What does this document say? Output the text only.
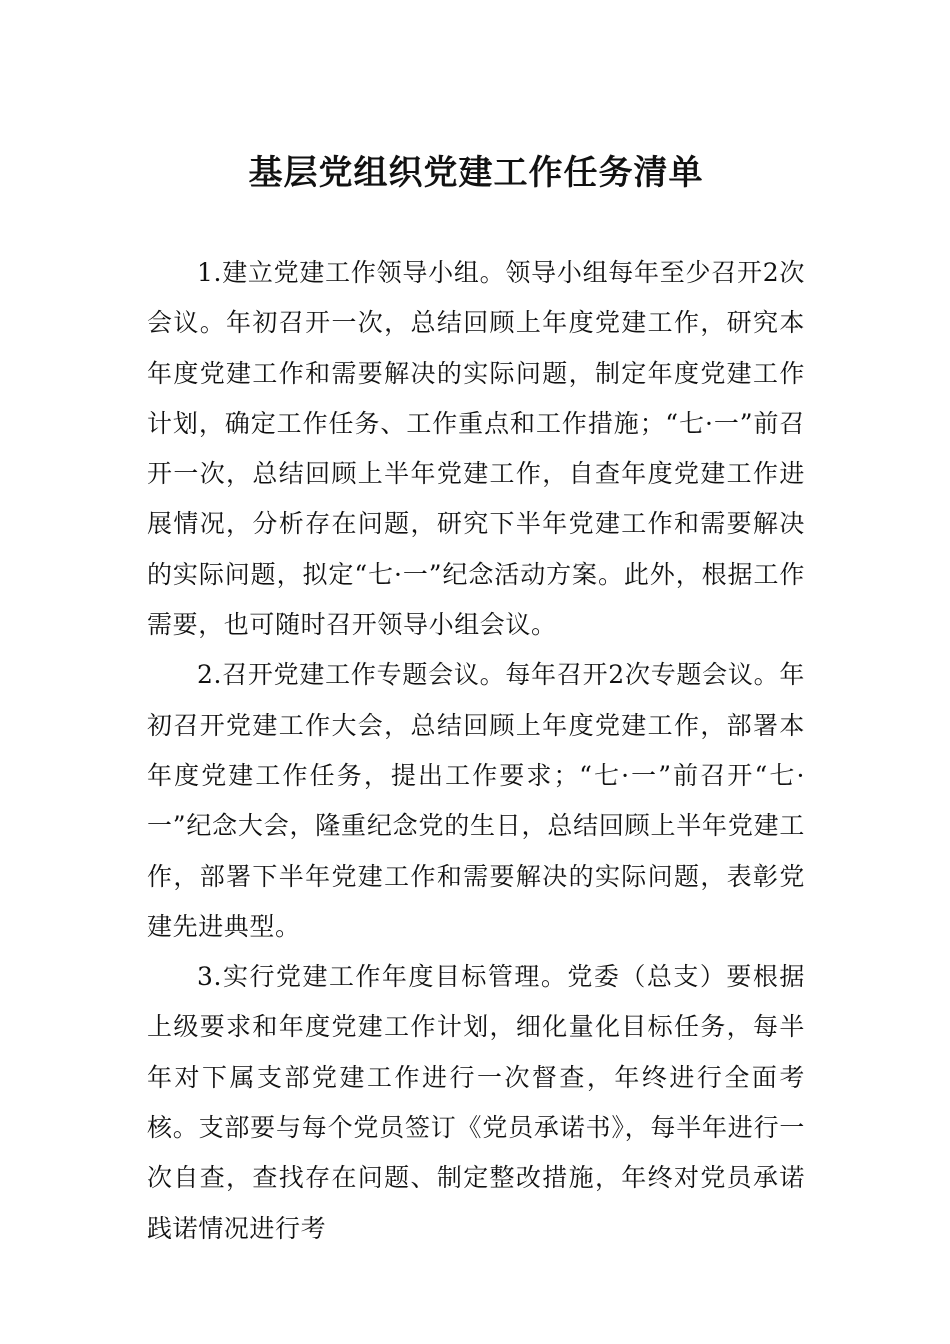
基层党组织党建工作任务清单

1.建立党建工作领导小组。领导小组每年至少召开2次会议。年初召开一次，总结回顾上年度党建工作，研究本年度党建工作和需要解决的实际问题，制定年度党建工作计划，确定工作任务、工作重点和工作措施；“七·一”前召开一次，总结回顾上半年党建工作，自查年度党建工作进展情况，分析存在问题，研究下半年党建工作和需要解决的实际问题，拟定“七·一”纪念活动方案。此外，根据工作需要，也可随时召开领导小组会议。

2.召开党建工作专题会议。每年召开2次专题会议。年初召开党建工作大会，总结回顾上年度党建工作，部署本年度党建工作任务，提出工作要求；“七·一”前召开“七·一”纪念大会，隆重纪念党的生日，总结回顾上半年党建工作，部署下半年党建工作和需要解决的实际问题，表彰党建先进典型。

3.实行党建工作年度目标管理。党委（总支）要根据上级要求和年度党建工作计划，细化量化目标任务，每半年对下属支部党建工作进行一次督查，年终进行全面考核。支部要与每个党员签订《党员承诺书》，每半年进行一次自查，查找存在问题、制定整改措施，年终对党员承诺践诺情况进行考
